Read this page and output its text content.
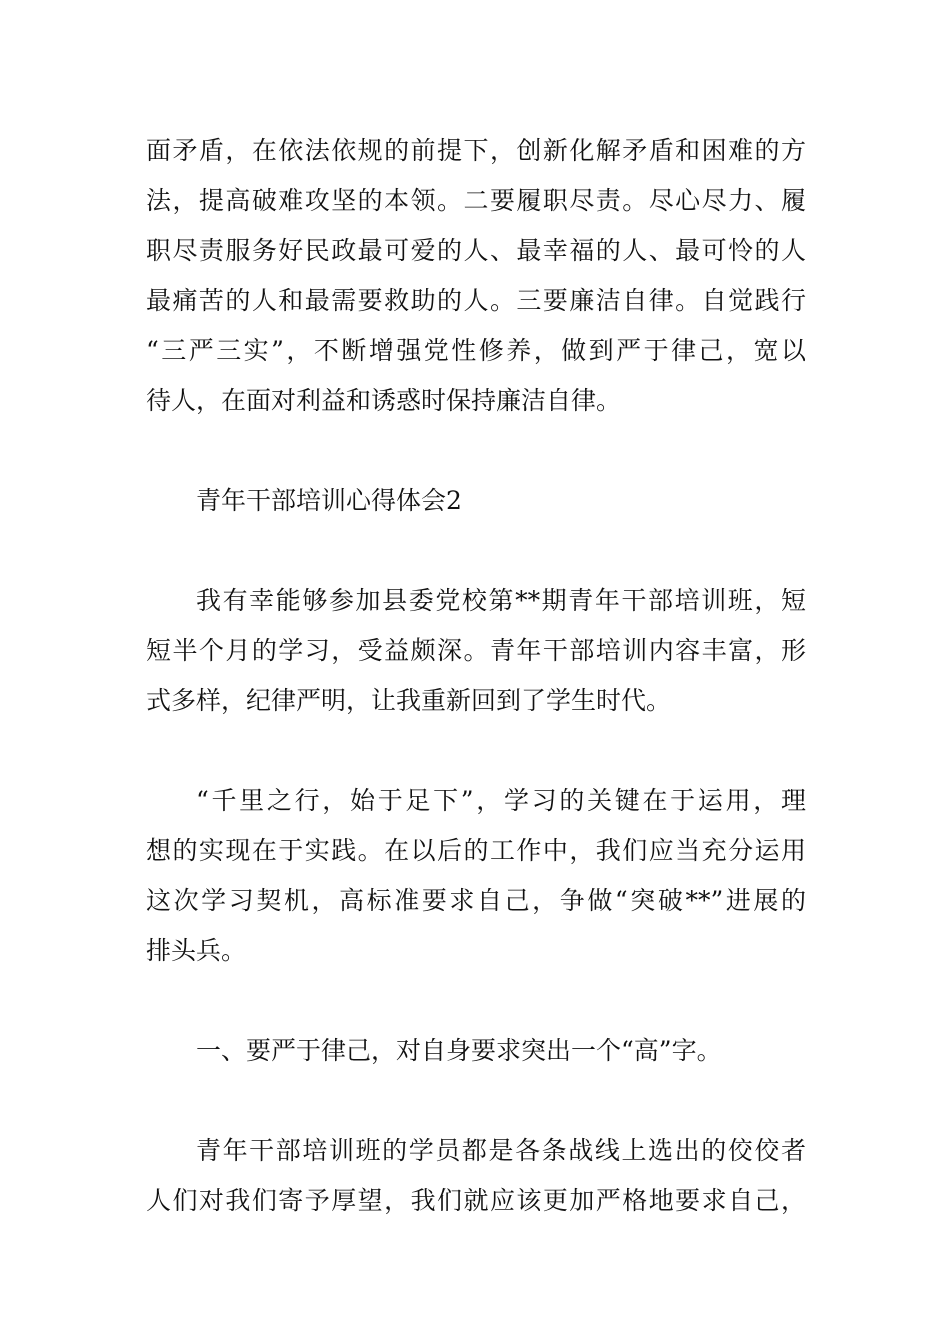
面矛盾，在依法依规的前提下，创新化解矛盾和困难的方
法，提高破难攻坚的本领。二要履职尽责。尽心尽力、履
职尽责服务好民政最可爱的人、最幸福的人、最可怜的人
最痛苦的人和最需要救助的人。三要廉洁自律。自觉践行
“三严三实”，不断增强党性修养，做到严于律己，宽以
待人，在面对利益和诱惑时保持廉洁自律。
青年干部培训心得体会2
我有幸能够参加县委党校第**期青年干部培训班，短
短半个月的学习，受益颇深。青年干部培训内容丰富，形
式多样，纪律严明，让我重新回到了学生时代。
“千里之行，始于足下”，学习的关键在于运用，理
想的实现在于实践。在以后的工作中，我们应当充分运用
这次学习契机，高标准要求自己，争做“突破**”进展的
排头兵。
一、要严于律己，对自身要求突出一个“高”字。
青年干部培训班的学员都是各条战线上选出的佼佼者
人们对我们寄予厚望，我们就应该更加严格地要求自己，
